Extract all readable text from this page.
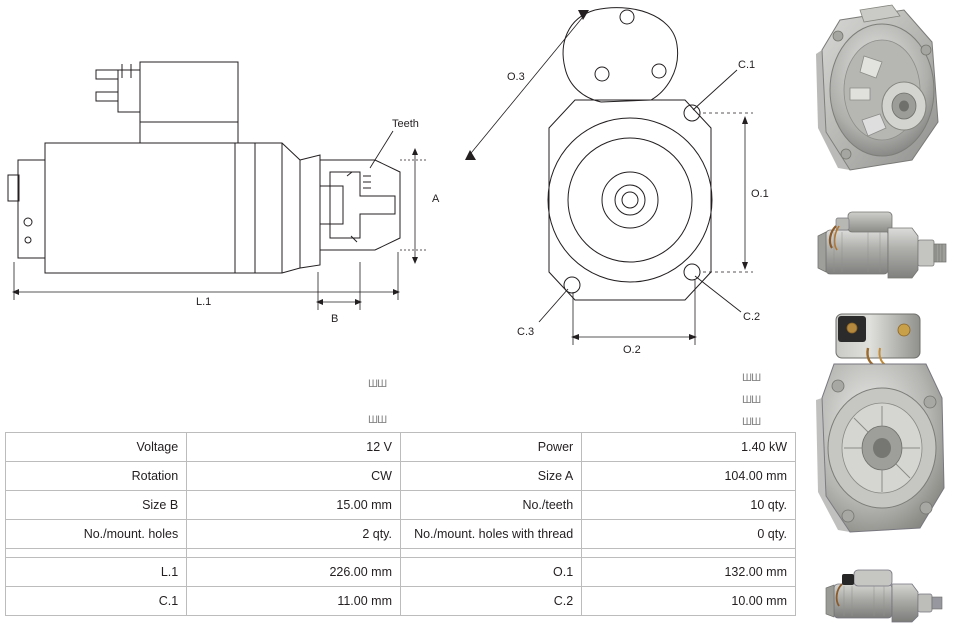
Teeth
A
L.1
B
O.3
O.1
O.2
C.1
C.2
C.3
ШШ
ШШ
ШШ
ШШ
ШШ
Voltage	12 V	Power	1.40 kW
Rotation	CW	Size A	104.00 mm
Size B	15.00 mm	No./teeth	10 qty.
No./mount. holes	2 qty.	No./mount. holes with thread	0 qty.

L.1	226.00 mm	O.1	132.00 mm
C.1	11.00 mm	C.2	10.00 mm
